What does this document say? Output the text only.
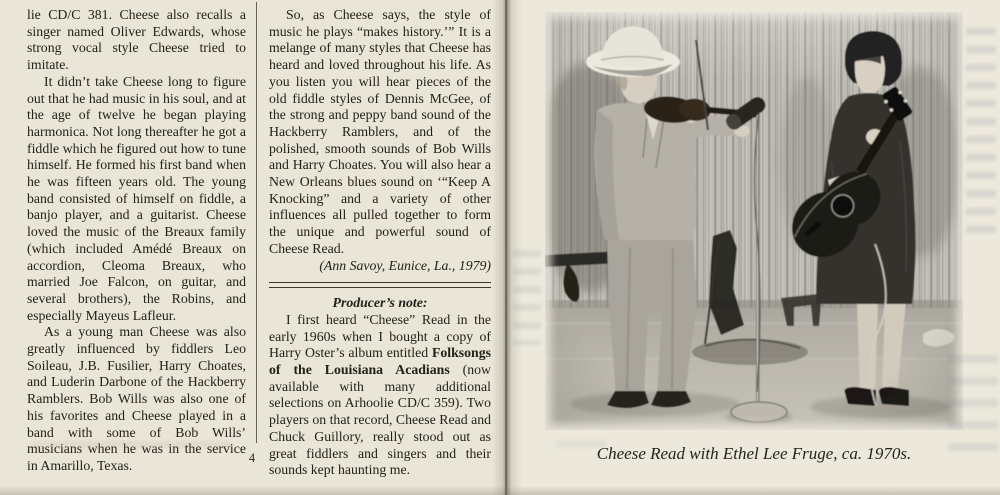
lie CD/C 381. Cheese also recalls a singer named Oliver Edwards, whose strong vocal style Cheese tried to imitate.

It didn’t take Cheese long to figure out that he had music in his soul, and at the age of twelve he began playing harmonica. Not long thereafter he got a fiddle which he figured out how to tune himself. He formed his first band when he was fifteen years old. The young band consisted of himself on fiddle, a banjo player, and a guitarist. Cheese loved the music of the Breaux family (which included Amédé Breaux on accordion, Cleoma Breaux, who married Joe Falcon, on guitar, and several brothers), the Robins, and especially Mayeus Lafleur.

As a young man Cheese was also greatly influenced by fiddlers Leo Soileau, J.B. Fusilier, Harry Choates, and Luderin Darbone of the Hackberry Ramblers. Bob Wills was also one of his favorites and Cheese played in a band with some of Bob Wills’ musicians when he was in the service in Amarillo, Texas.

So, as Cheese says, the style of music he plays “makes history.’” It is a melange of many styles that Cheese has heard and loved throughout his life. As you listen you will hear pieces of the old fiddle styles of Dennis McGee, of the strong and peppy band sound of the Hackberry Ramblers, and of the polished, smooth sounds of Bob Wills and Harry Choates. You will also hear a New Orleans blues sound on ‘“Keep A Knocking” and a variety of other influences all pulled together to form the unique and powerful sound of Cheese Read.

(Ann Savoy, Eunice, La., 1979)

Producer’s note:

I first heard “Cheese” Read in the early 1960s when I bought a copy of Harry Oster’s album entitled Folksongs of the Louisiana Acadians (now available with many additional selections on Arhoolie CD/C 359). Two players on that record, Cheese Read and Chuck Guillory, really stood out as great fiddlers and singers and their sounds kept haunting me.

4	Cheese Read with Ethel Lee Fruge, ca. 1970s.
